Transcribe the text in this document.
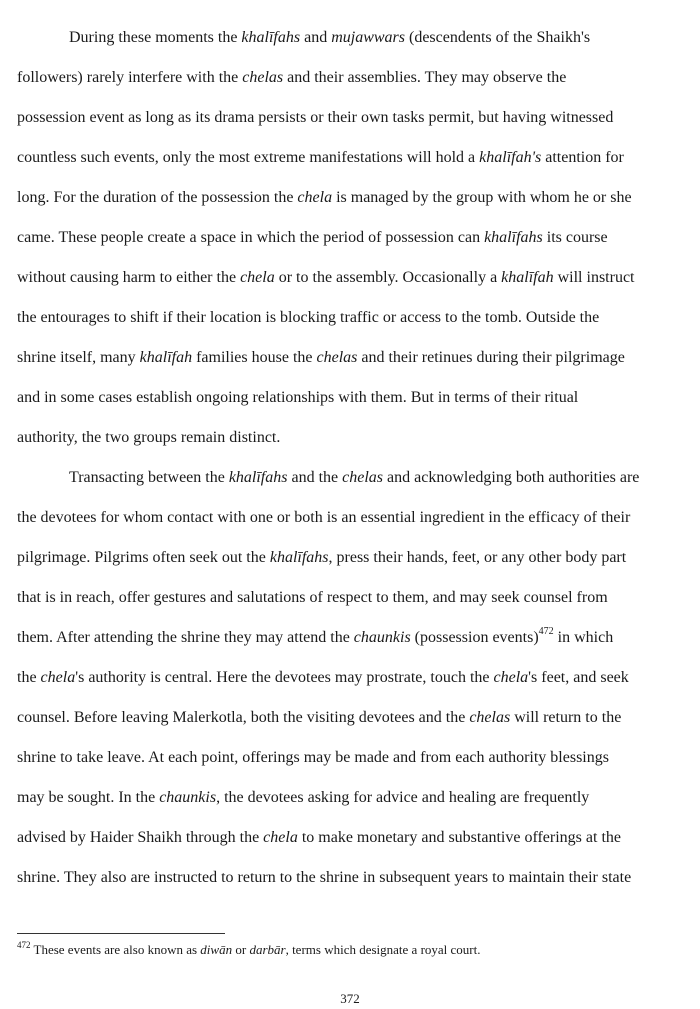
During these moments the khalīfahs and mujawwars (descendents of the Shaikh's
followers) rarely interfere with the chelas and their assemblies. They may observe the
possession event as long as its drama persists or their own tasks permit, but having witnessed
countless such events, only the most extreme manifestations will hold a khalīfah's attention for
long. For the duration of the possession the chela is managed by the group with whom he or she
came. These people create a space in which the period of possession can khalīfahs its course
without causing harm to either the chela or to the assembly. Occasionally a khalīfah will instruct
the entourages to shift if their location is blocking traffic or access to the tomb. Outside the
shrine itself, many khalīfah families house the chelas and their retinues during their pilgrimage
and in some cases establish ongoing relationships with them. But in terms of their ritual
authority, the two groups remain distinct.
Transacting between the khalīfahs and the chelas and acknowledging both authorities are
the devotees for whom contact with one or both is an essential ingredient in the efficacy of their
pilgrimage. Pilgrims often seek out the khalīfahs, press their hands, feet, or any other body part
that is in reach, offer gestures and salutations of respect to them, and may seek counsel from
them. After attending the shrine they may attend the chaunkis (possession events)$^{472}$ in which
the chela's authority is central. Here the devotees may prostrate, touch the chela's feet, and seek
counsel. Before leaving Malerkotla, both the visiting devotees and the chelas will return to the
shrine to take leave. At each point, offerings may be made and from each authority blessings
may be sought. In the chaunkis, the devotees asking for advice and healing are frequently
advised by Haider Shaikh through the chela to make monetary and substantive offerings at the
shrine. They also are instructed to return to the shrine in subsequent years to maintain their state
$^{472}$ These events are also known as diwān or darbār, terms which designate a royal court.
372
